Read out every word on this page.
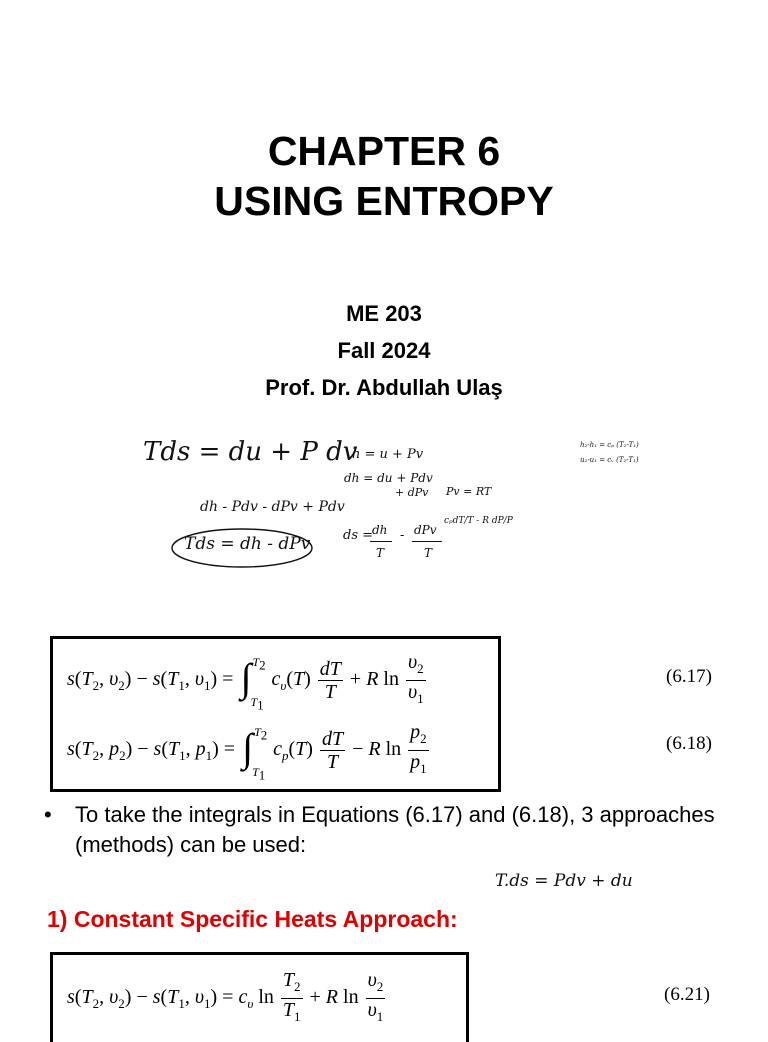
CHAPTER 6
USING ENTROPY
ME 203
Fall 2024
Prof. Dr. Abdullah Ulaş
Tds = du + P dv
h = u + Pv
dh = du + Pdv
+ dPv Pv = RT
h₂-h₁ = cₚ (T₂-T₁)
u₂-u₁ = cᵥ (T₂-T₁)
dh - Pdv - dPv + Pdv
Tds = dh - dPv	ds =
dh
T
- dPv
T
cₚdT/T - R dP/P
T.ds = Pdv + du
$s(T_2$, $\upsilon_2) - s(T_1$, $\upsilon_1$) = ∫ $T_2$
$T_1$
$c_\upsilon(T) \frac{dT}{T} + R$ $\ln \frac{\upsilon_2}{\upsilon_1}$
$s(T_2$, $p_2) - s(T_1$, $p_1$) = ∫ $T_2$
$T_1$
$c_p(T) \frac{dT}{T} - R$ $\ln \frac{p_2}{p_1}$
(6.17)
(6.18)
• To take the integrals in Equations (6.17) and (6.18), 3 approaches (methods) can be used:
1) Constant Specific Heats Approach:
$s(T_2$, $\upsilon_2) - s(T_1$, $\upsilon_1) = c_\upsilon$ $\ln \frac{T_2}{T_1} + R$ $\ln \frac{\upsilon_2}{\upsilon_1}$	(6.21)
